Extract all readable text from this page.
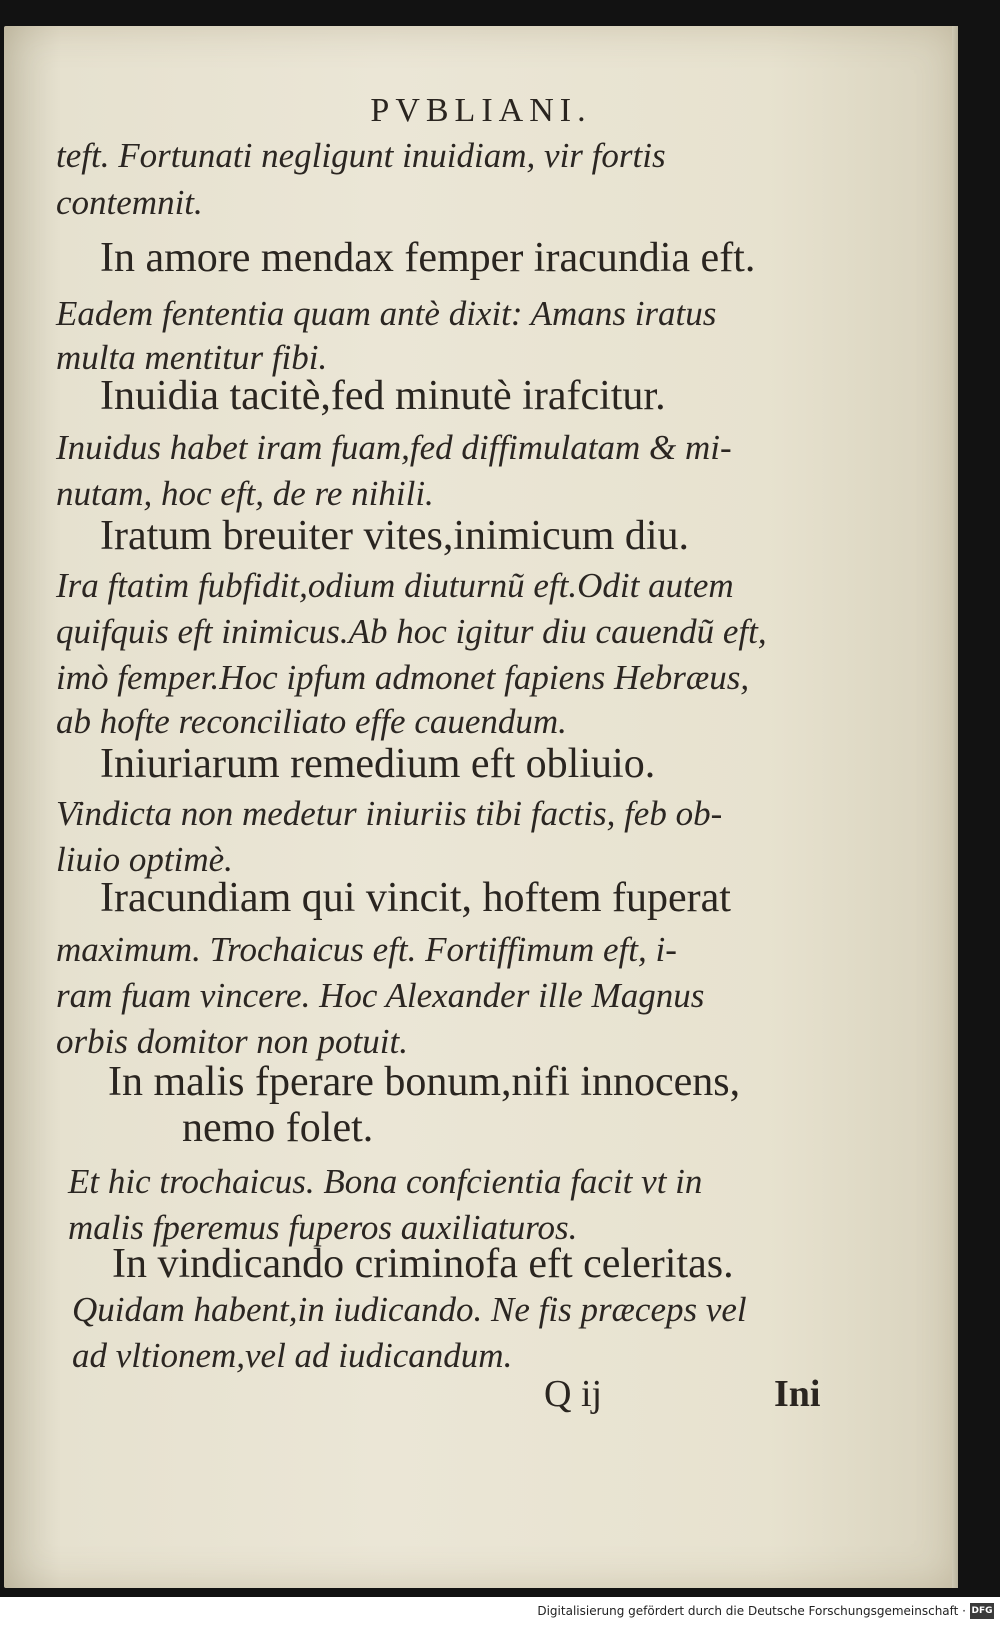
PVBLIANI.
teft. Fortunati negligunt inuidiam, vir fortis
contemnit.
In amore mendax femper iracundia eft.
Eadem fententia quam antè dixit: Amans iratus
multa mentitur fibi.
Inuidia tacitè,fed minutè irafcitur.
Inuidus habet iram fuam,fed diffimulatam & mi-
nutam, hoc eft, de re nihili.
Iratum breuiter vites,inimicum diu.
Ira ftatim fubfidit,odium diuturnũ eft.Odit autem
quifquis eft inimicus.Ab hoc igitur diu cauendũ eft,
imò femper.Hoc ipfum admonet fapiens Hebræus,
ab hofte reconciliato effe cauendum.
Iniuriarum remedium eft obliuio.
Vindicta non medetur iniuriis tibi factis, feb ob-
liuio optimè.
Iracundiam qui vincit, hoftem fuperat
maximum. Trochaicus eft. Fortiffimum eft, i-
ram fuam vincere. Hoc Alexander ille Magnus
orbis domitor non potuit.
In malis fperare bonum,nifi innocens,
nemo folet.
Et hic trochaicus. Bona confcientia facit vt in
malis fperemus fuperos auxiliaturos.
In vindicando criminofa eft celeritas.
Quidam habent,in iudicando. Ne fis præceps vel
ad vltionem,vel ad iudicandum.
Q ij	Ini
Digitalisierung gefördert durch die Deutsche Forschungsgemeinschaft · DFG
